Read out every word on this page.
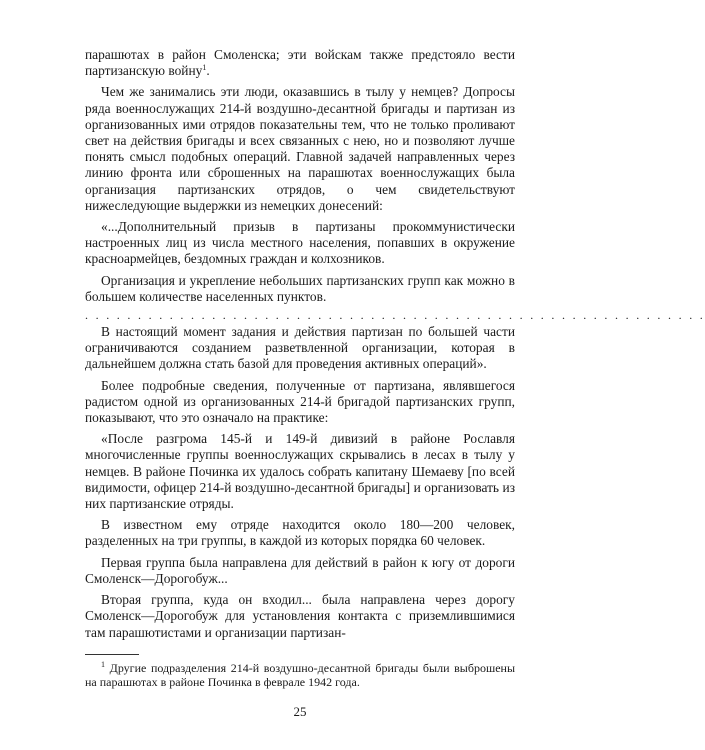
парашютах в район Смоленска; эти войскам также предстояло вести партизанскую войну$^1$.

Чем же занимались эти люди, оказавшись в тылу у немцев? Допросы ряда военнослужащих 214-й воздушно-десантной бригады и партизан из организованных ими отрядов показательны тем, что не только проливают свет на действия бригады и всех связанных с нею, но и позволяют лучше понять смысл подобных операций. Главной задачей направленных через линию фронта или сброшенных на парашютах военнослужащих была организация партизанских отрядов, о чем свидетельствуют нижеследующие выдержки из немецких донесений:

«...Дополнительный призыв в партизаны прокоммунистически настроенных лиц из числа местного населения, попавших в окружение красноармейцев, бездомных граждан и колхозников.

Организация и укрепление небольших партизанских групп как можно в большем количестве населенных пунктов.

. . . . . . . . . . . . . . . . . . . . . . . . . . . . . . . . . . . . . . . . . . . . . . . . . . . . . . . . . . .

В настоящий момент задания и действия партизан по большей части ограничиваются созданием разветвленной организации, которая в дальнейшем должна стать базой для проведения активных операций».

Более подробные сведения, полученные от партизана, являвшегося радистом одной из организованных 214-й бригадой партизанских групп, показывают, что это означало на практике:

«После разгрома 145-й и 149-й дивизий в районе Рославля многочисленные группы военнослужащих скрывались в лесах в тылу у немцев. В районе Починка их удалось собрать капитану Шемаеву [по всей видимости, офицер 214-й воздушно-десантной бригады] и организовать из них партизанские отряды.

В известном ему отряде находится около 180—200 человек, разделенных на три группы, в каждой из которых порядка 60 человек.

Первая группа была направлена для действий в район к югу от дороги Смоленск—Дорогобуж...

Вторая группа, куда он входил... была направлена через дорогу Смоленск—Дорогобуж для установления контакта с приземлившимися там парашютистами и организации партизан-

$^1$ Другие подразделения 214-й воздушно-десантной бригады были выброшены на парашютах в районе Починка в феврале 1942 года.
25
